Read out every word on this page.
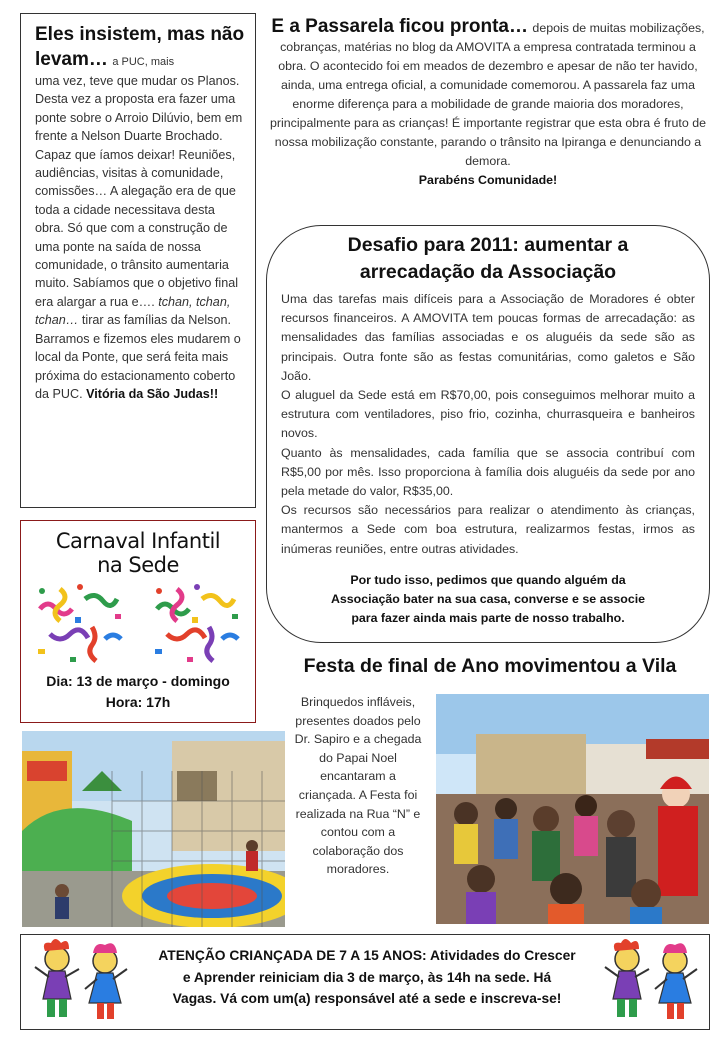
Eles insistem, mas não levam… a PUC, mais
uma vez, teve que mudar os Planos. Desta vez a proposta era fazer uma ponte sobre o Arroio Dilúvio, bem em frente a Nelson Duarte Brochado. Capaz que íamos deixar! Reuniões, audiências, visitas à comunidade, comissões… A alegação era de que toda a cidade necessitava desta obra. Só que com a construção de uma ponte na saída de nossa comunidade, o trânsito aumentaria muito. Sabíamos que o objetivo final era alargar a rua e…. tchan, tchan, tchan… tirar as famílias da Nelson. Barramos e fizemos eles mudarem o local da Ponte, que será feita mais próxima do estacionamento coberto da PUC. Vitória da São Judas!!
E a Passarela ficou pronta… depois de muitas mobilizações, cobranças, matérias no blog da AMOVITA a empresa contratada terminou a obra. O acontecido foi em meados de dezembro e apesar de não ter havido, ainda, uma entrega oficial, a comunidade comemorou. A passarela faz uma enorme diferença para a mobilidade de grande maioria dos moradores, principalmente para as crianças! É importante registrar que esta obra é fruto de nossa mobilização constante, parando o trânsito na Ipiranga e denunciando a demora.
Parabéns Comunidade!
Desafio para 2011: aumentar a
arrecadação da Associação

Uma das tarefas mais difíceis para a Associação de Moradores é obter recursos financeiros. A AMOVITA tem poucas formas de arrecadação: as mensalidades das famílias associadas e os aluguéis da sede são as principais. Outra fonte são as festas comunitárias, como galetos e São João.

O aluguel da Sede está em R$70,00, pois conseguimos melhorar muito a estrutura com ventiladores, piso frio, cozinha, churrasqueira e banheiros novos.

Quanto às mensalidades, cada família que se associa contribuí com R$5,00 por mês. Isso proporciona à família dois aluguéis da sede por ano pela metade do valor, R$35,00.

Os recursos são necessários para realizar o atendimento às crianças, mantermos a Sede com boa estrutura, realizarmos festas, irmos as inúmeras reuniões, entre outras atividades.

Por tudo isso, pedimos que quando alguém da
Associação bater na sua casa, converse e se associe
para fazer ainda mais parte de nosso trabalho.
Carnaval Infantil
na Sede
Dia: 13 de março - domingo
Hora: 17h
Festa de final de Ano movimentou a Vila
Brinquedos infláveis, presentes doados pelo Dr. Sapiro e a chegada do Papai Noel encantaram a criançada. A Festa foi realizada na Rua “N” e contou com a colaboração dos moradores.
ATENÇÃO CRIANÇADA DE 7 A 15 ANOS: Atividades do Crescer
e Aprender reiniciam dia 3 de março, às 14h na sede. Há
Vagas. Vá com um(a) responsável até a sede e inscreva-se!
